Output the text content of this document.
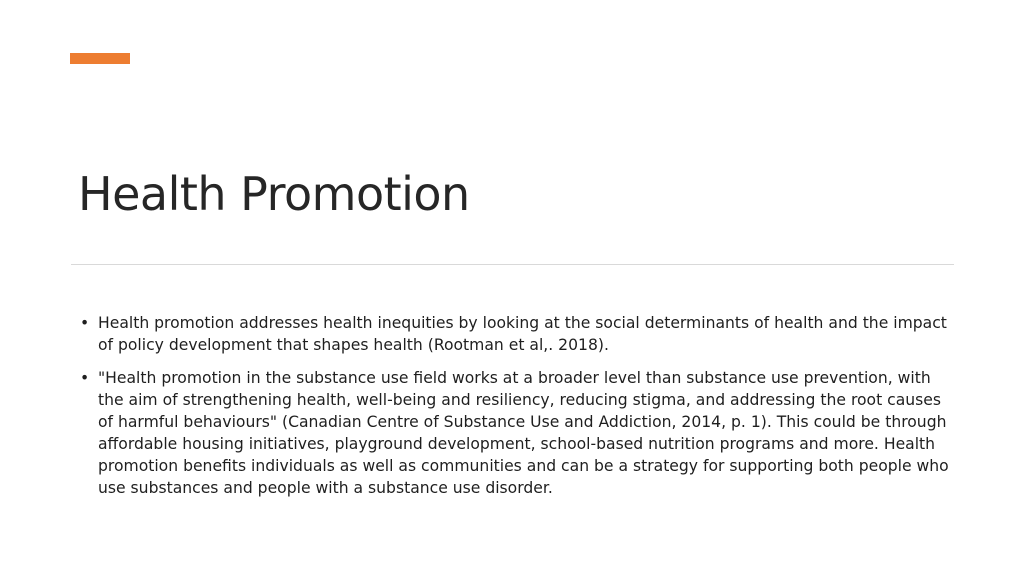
Health Promotion
• Health promotion addresses health inequities by looking at the social determinants of health and the impact of policy development that shapes health (Rootman et al,. 2018).
• "Health promotion in the substance use field works at a broader level than substance use prevention, with the aim of strengthening health, well-being and resiliency, reducing stigma, and addressing the root causes of harmful behaviours" (Canadian Centre of Substance Use and Addiction, 2014, p. 1). This could be through affordable housing initiatives, playground development, school-based nutrition programs and more. Health promotion benefits individuals as well as communities and can be a strategy for supporting both people who use substances and people with a substance use disorder.
